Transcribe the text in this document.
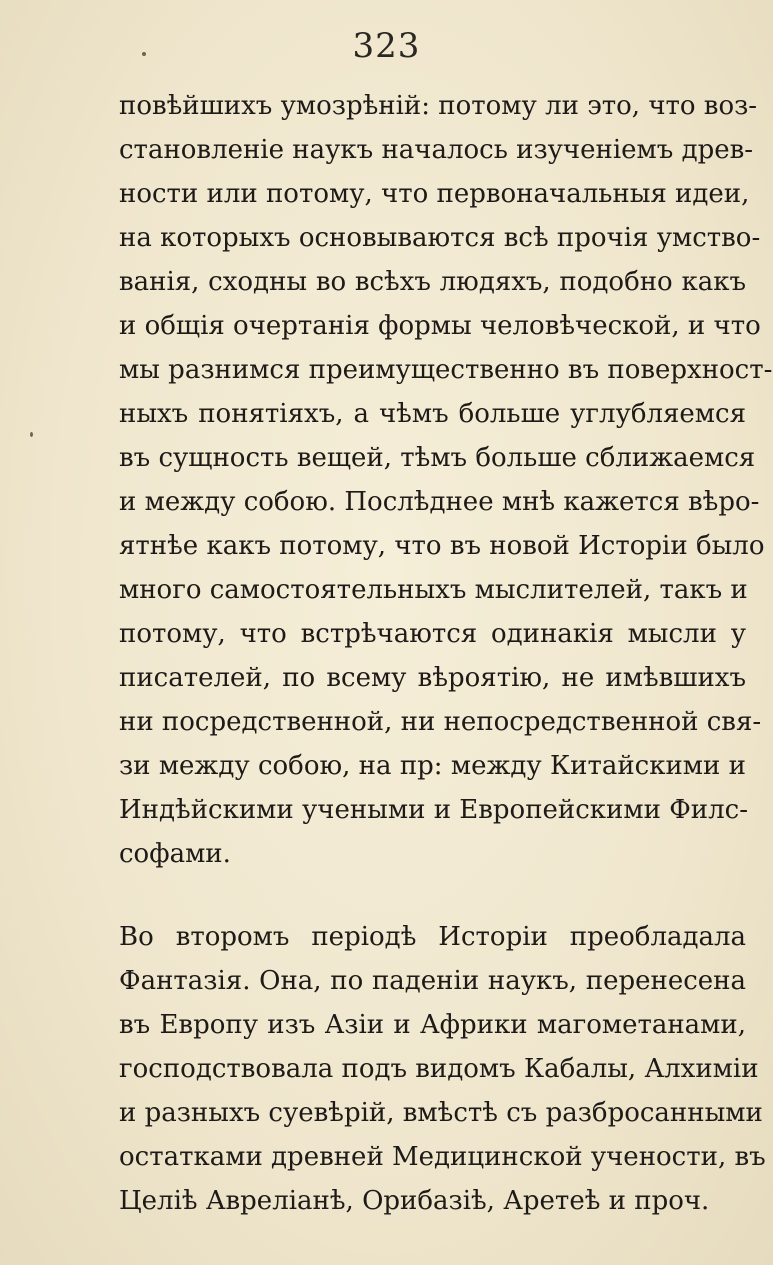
323
повѣйшихъ умозрѣній: потому ли это, что воз-
становленіе наукъ началось изученіемъ древ-
ности или потому, что первоначальныя идеи,
на которыхъ основываются всѣ прочія умство-
ванія, сходны во всѣхъ людяхъ, подобно какъ
и общія очертанія формы человѣческой, и что
мы разнимся преимущественно въ поверхност-
ныхъ понятіяхъ, а чѣмъ больше углубляемся
въ сущность вещей, тѣмъ больше сближаемся
и между собою. Послѣднее мнѣ кажется вѣро-
ятнѣе какъ потому, что въ новой Исторіи было
много самостоятельныхъ мыслителей, такъ и
потому, что встрѣчаются одинакія мысли у
писателей, по всему вѣроятію, не имѣвшихъ
ни посредственной, ни непосредственной свя-
зи между собою, на пр: между Китайскими и
Индѣйскими учеными и Европейскими Филс-
софами.
Во второмъ періодѣ Исторіи преобладала
Фантазія. Она, по паденіи наукъ, перенесена
въ Европу изъ Азіи и Африки магометанами,
господствовала подъ видомъ Кабалы, Алхиміи
и разныхъ суевѣрій, вмѣстѣ съ разбросанными
остатками древней Медицинской учености, въ
Целіѣ Авреліанѣ, Орибазіѣ, Аретеѣ и проч.
